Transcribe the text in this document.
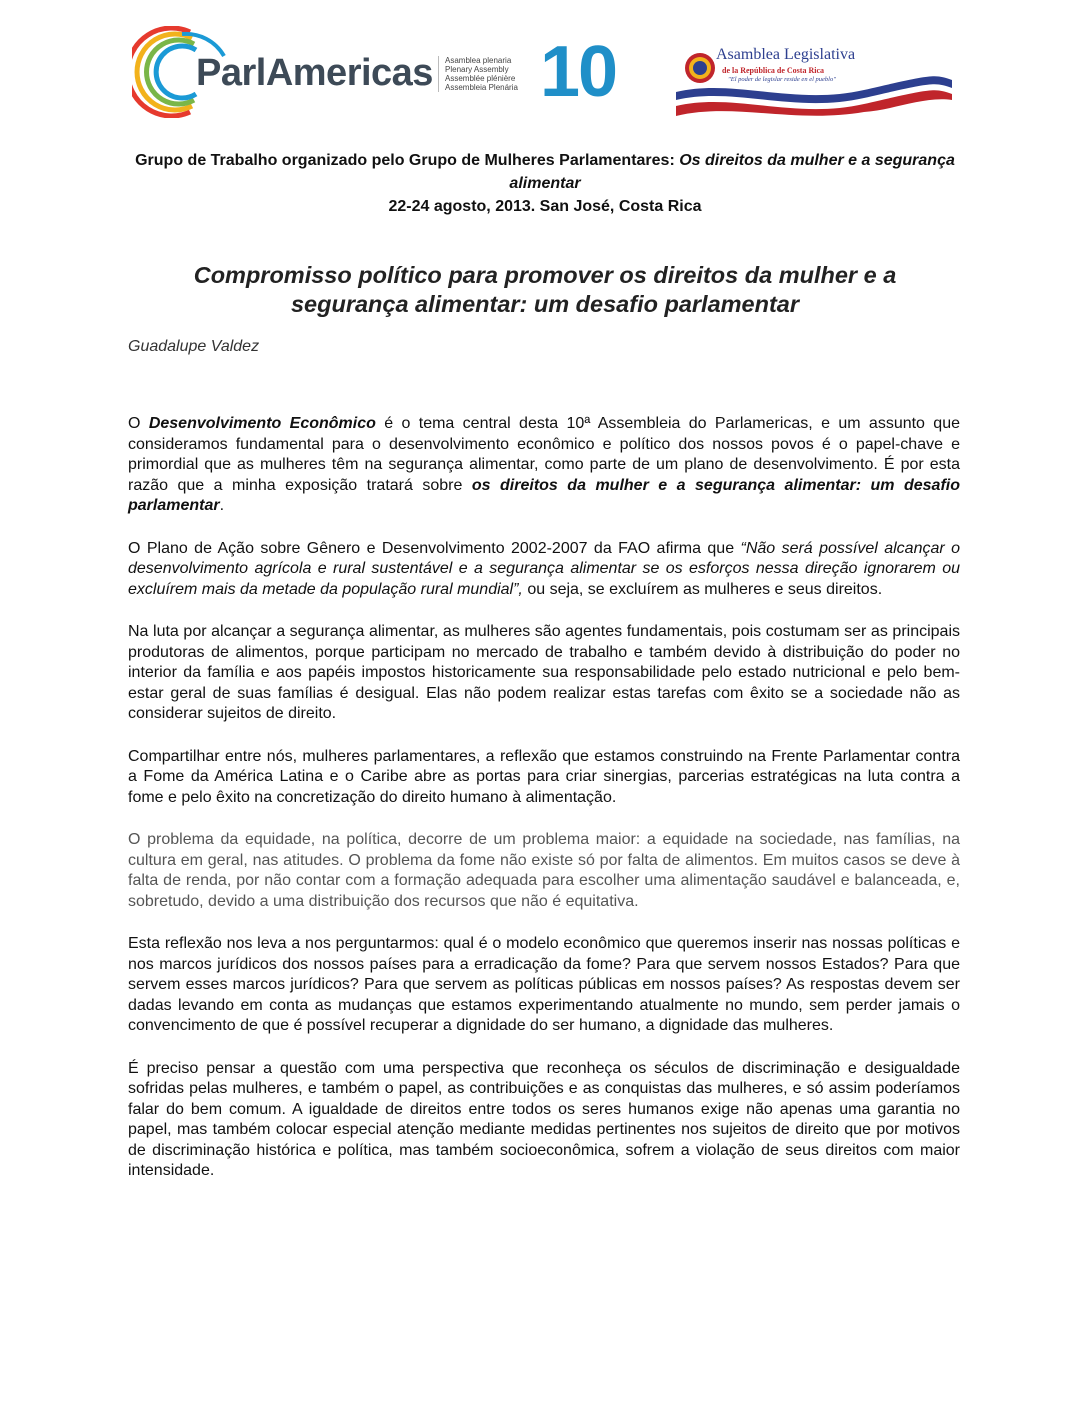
ParlAmericas Asamblea plenaria
Plenary Assembly
Assemblée plénière
Assembleia Plenária 10	Asamblea Legislativa
de la República de Costa Rica
"El poder de legislar reside en el pueblo"
Grupo de Trabalho organizado pelo Grupo de Mulheres Parlamentares: Os direitos da mulher e a segurança alimentar
22-24 agosto, 2013. San José, Costa Rica
Compromisso político para promover os direitos da mulher e a segurança alimentar: um desafio parlamentar
Guadalupe Valdez

O Desenvolvimento Econômico é o tema central desta 10ª Assembleia do Parlamericas, e um assunto que consideramos fundamental para o desenvolvimento econômico e político dos nossos povos é o papel-chave e primordial que as mulheres têm na segurança alimentar, como parte de um plano de desenvolvimento. É por esta razão que a minha exposição tratará sobre os direitos da mulher e a segurança alimentar: um desafio parlamentar.

O Plano de Ação sobre Gênero e Desenvolvimento 2002-2007 da FAO afirma que “Não será possível alcançar o desenvolvimento agrícola e rural sustentável e a segurança alimentar se os esforços nessa direção ignorarem ou excluírem mais da metade da população rural mundial”, ou seja, se excluírem as mulheres e seus direitos.

Na luta por alcançar a segurança alimentar, as mulheres são agentes fundamentais, pois costumam ser as principais produtoras de alimentos, porque participam no mercado de trabalho e também devido à distribuição do poder no interior da família e aos papéis impostos historicamente sua responsabilidade pelo estado nutricional e pelo bem-estar geral de suas famílias é desigual. Elas não podem realizar estas tarefas com êxito se a sociedade não as considerar sujeitos de direito.

Compartilhar entre nós, mulheres parlamentares, a reflexão que estamos construindo na Frente Parlamentar contra a Fome da América Latina e o Caribe abre as portas para criar sinergias, parcerias estratégicas na luta contra a fome e pelo êxito na concretização do direito humano à alimentação.

O problema da equidade, na política, decorre de um problema maior: a equidade na sociedade, nas famílias, na cultura em geral, nas atitudes. O problema da fome não existe só por falta de alimentos. Em muitos casos se deve à falta de renda, por não contar com a formação adequada para escolher uma alimentação saudável e balanceada, e, sobretudo, devido a uma distribuição dos recursos que não é equitativa.

Esta reflexão nos leva a nos perguntarmos: qual é o modelo econômico que queremos inserir nas nossas políticas e nos marcos jurídicos dos nossos países para a erradicação da fome? Para que servem nossos Estados? Para que servem esses marcos jurídicos? Para que servem as políticas públicas em nossos países? As respostas devem ser dadas levando em conta as mudanças que estamos experimentando atualmente no mundo, sem perder jamais o convencimento de que é possível recuperar a dignidade do ser humano, a dignidade das mulheres.

É preciso pensar a questão com uma perspectiva que reconheça os séculos de discriminação e desigualdade sofridas pelas mulheres, e também o papel, as contribuições e as conquistas das mulheres, e só assim poderíamos falar do bem comum. A igualdade de direitos entre todos os seres humanos exige não apenas uma garantia no papel, mas também colocar especial atenção mediante medidas pertinentes nos sujeitos de direito que por motivos de discriminação histórica e política, mas também socioeconômica, sofrem a violação de seus direitos com maior intensidade.
